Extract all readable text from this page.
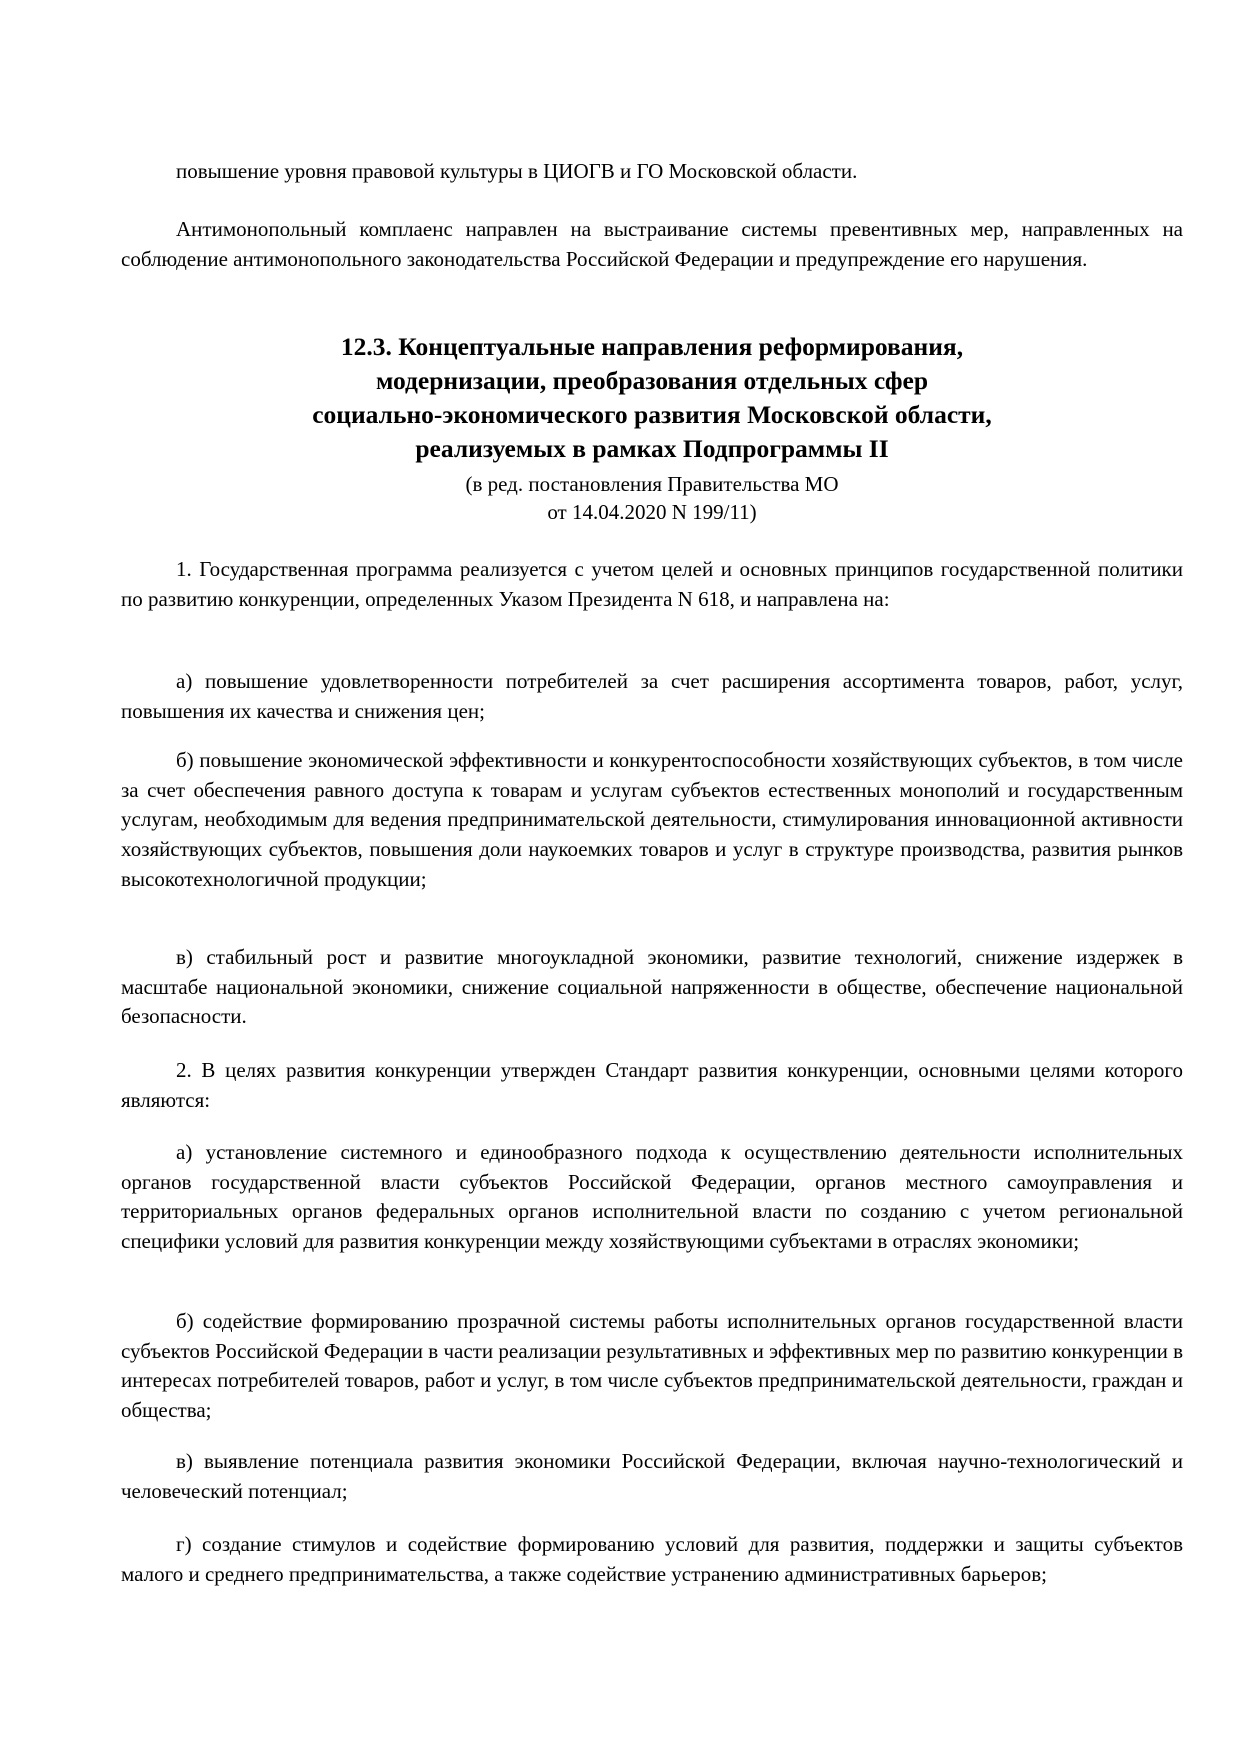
повышение уровня правовой культуры в ЦИОГВ и ГО Московской области.

Антимонопольный комплаенс направлен на выстраивание системы превентивных мер, направленных на соблюдение антимонопольного законодательства Российской Федерации и предупреждение его нарушения.

12.3. Концептуальные направления реформирования,

модернизации, преобразования отдельных сфер

социально-экономического развития Московской области,

реализуемых в рамках Подпрограммы II

(в ред. постановления Правительства МО

от 14.04.2020 N 199/11)

1. Государственная программа реализуется с учетом целей и основных принципов государственной политики по развитию конкуренции, определенных Указом Президента N 618, и направлена на:

а) повышение удовлетворенности потребителей за счет расширения ассортимента товаров, работ, услуг, повышения их качества и снижения цен;

б) повышение экономической эффективности и конкурентоспособности хозяйствующих субъектов, в том числе за счет обеспечения равного доступа к товарам и услугам субъектов естественных монополий и государственным услугам, необходимым для ведения предпринимательской деятельности, стимулирования инновационной активности хозяйствующих субъектов, повышения доли наукоемких товаров и услуг в структуре производства, развития рынков высокотехнологичной продукции;

в) стабильный рост и развитие многоукладной экономики, развитие технологий, снижение издержек в масштабе национальной экономики, снижение социальной напряженности в обществе, обеспечение национальной безопасности.

2. В целях развития конкуренции утвержден Стандарт развития конкуренции, основными целями которого являются:

а) установление системного и единообразного подхода к осуществлению деятельности исполнительных органов государственной власти субъектов Российской Федерации, органов местного самоуправления и территориальных органов федеральных органов исполнительной власти по созданию с учетом региональной специфики условий для развития конкуренции между хозяйствующими субъектами в отраслях экономики;

б) содействие формированию прозрачной системы работы исполнительных органов государственной власти субъектов Российской Федерации в части реализации результативных и эффективных мер по развитию конкуренции в интересах потребителей товаров, работ и услуг, в том числе субъектов предпринимательской деятельности, граждан и общества;

в) выявление потенциала развития экономики Российской Федерации, включая научно-технологический и человеческий потенциал;

г) создание стимулов и содействие формированию условий для развития, поддержки и защиты субъектов малого и среднего предпринимательства, а также содействие устранению административных барьеров;
